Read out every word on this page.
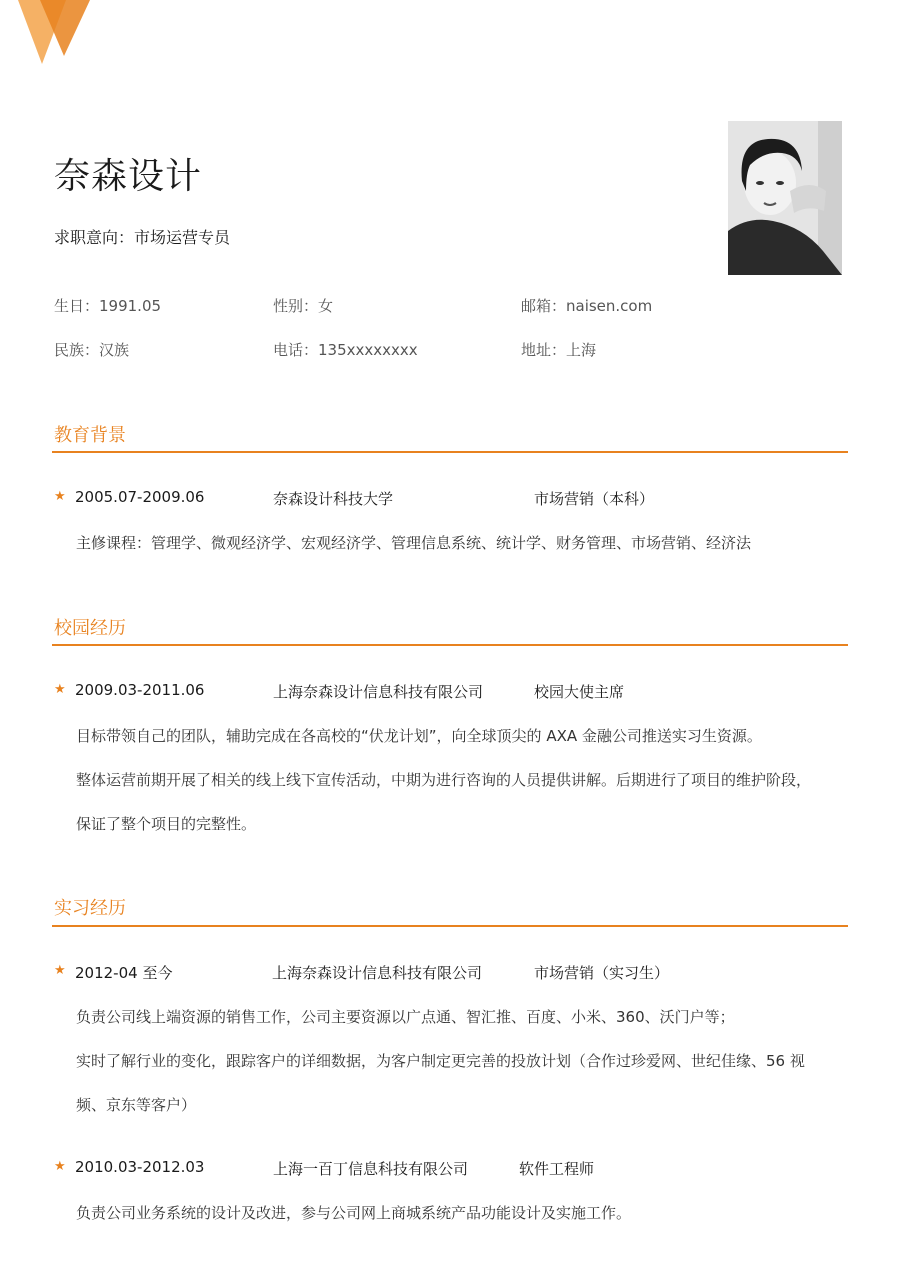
奈森设计
求职意向：市场运营专员
生日：1991.05	性别：女	邮箱：naisen.com
民族：汉族	电话：135xxxxxxxx	地址：上海
教育背景
★ 2005.07-2009.06	奈森设计科技大学	市场营销（本科）
主修课程：管理学、微观经济学、宏观经济学、管理信息系统、统计学、财务管理、市场营销、经济法
校园经历
★ 2009.03-2011.06	上海奈森设计信息科技有限公司	校园大使主席
目标带领自己的团队，辅助完成在各高校的“伏龙计划”，向全球顶尖的 AXA 金融公司推送实习生资源。
整体运营前期开展了相关的线上线下宣传活动，中期为进行咨询的人员提供讲解。后期进行了项目的维护阶段，
保证了整个项目的完整性。
实习经历
★ 2012-04 至今	上海奈森设计信息科技有限公司	市场营销（实习生）
负责公司线上端资源的销售工作，公司主要资源以广点通、智汇推、百度、小米、360、沃门户等；
实时了解行业的变化，跟踪客户的详细数据，为客户制定更完善的投放计划（合作过珍爱网、世纪佳缘、56 视
频、京东等客户）
★ 2010.03-2012.03	上海一百丁信息科技有限公司	软件工程师
负责公司业务系统的设计及改进，参与公司网上商城系统产品功能设计及实施工作。
